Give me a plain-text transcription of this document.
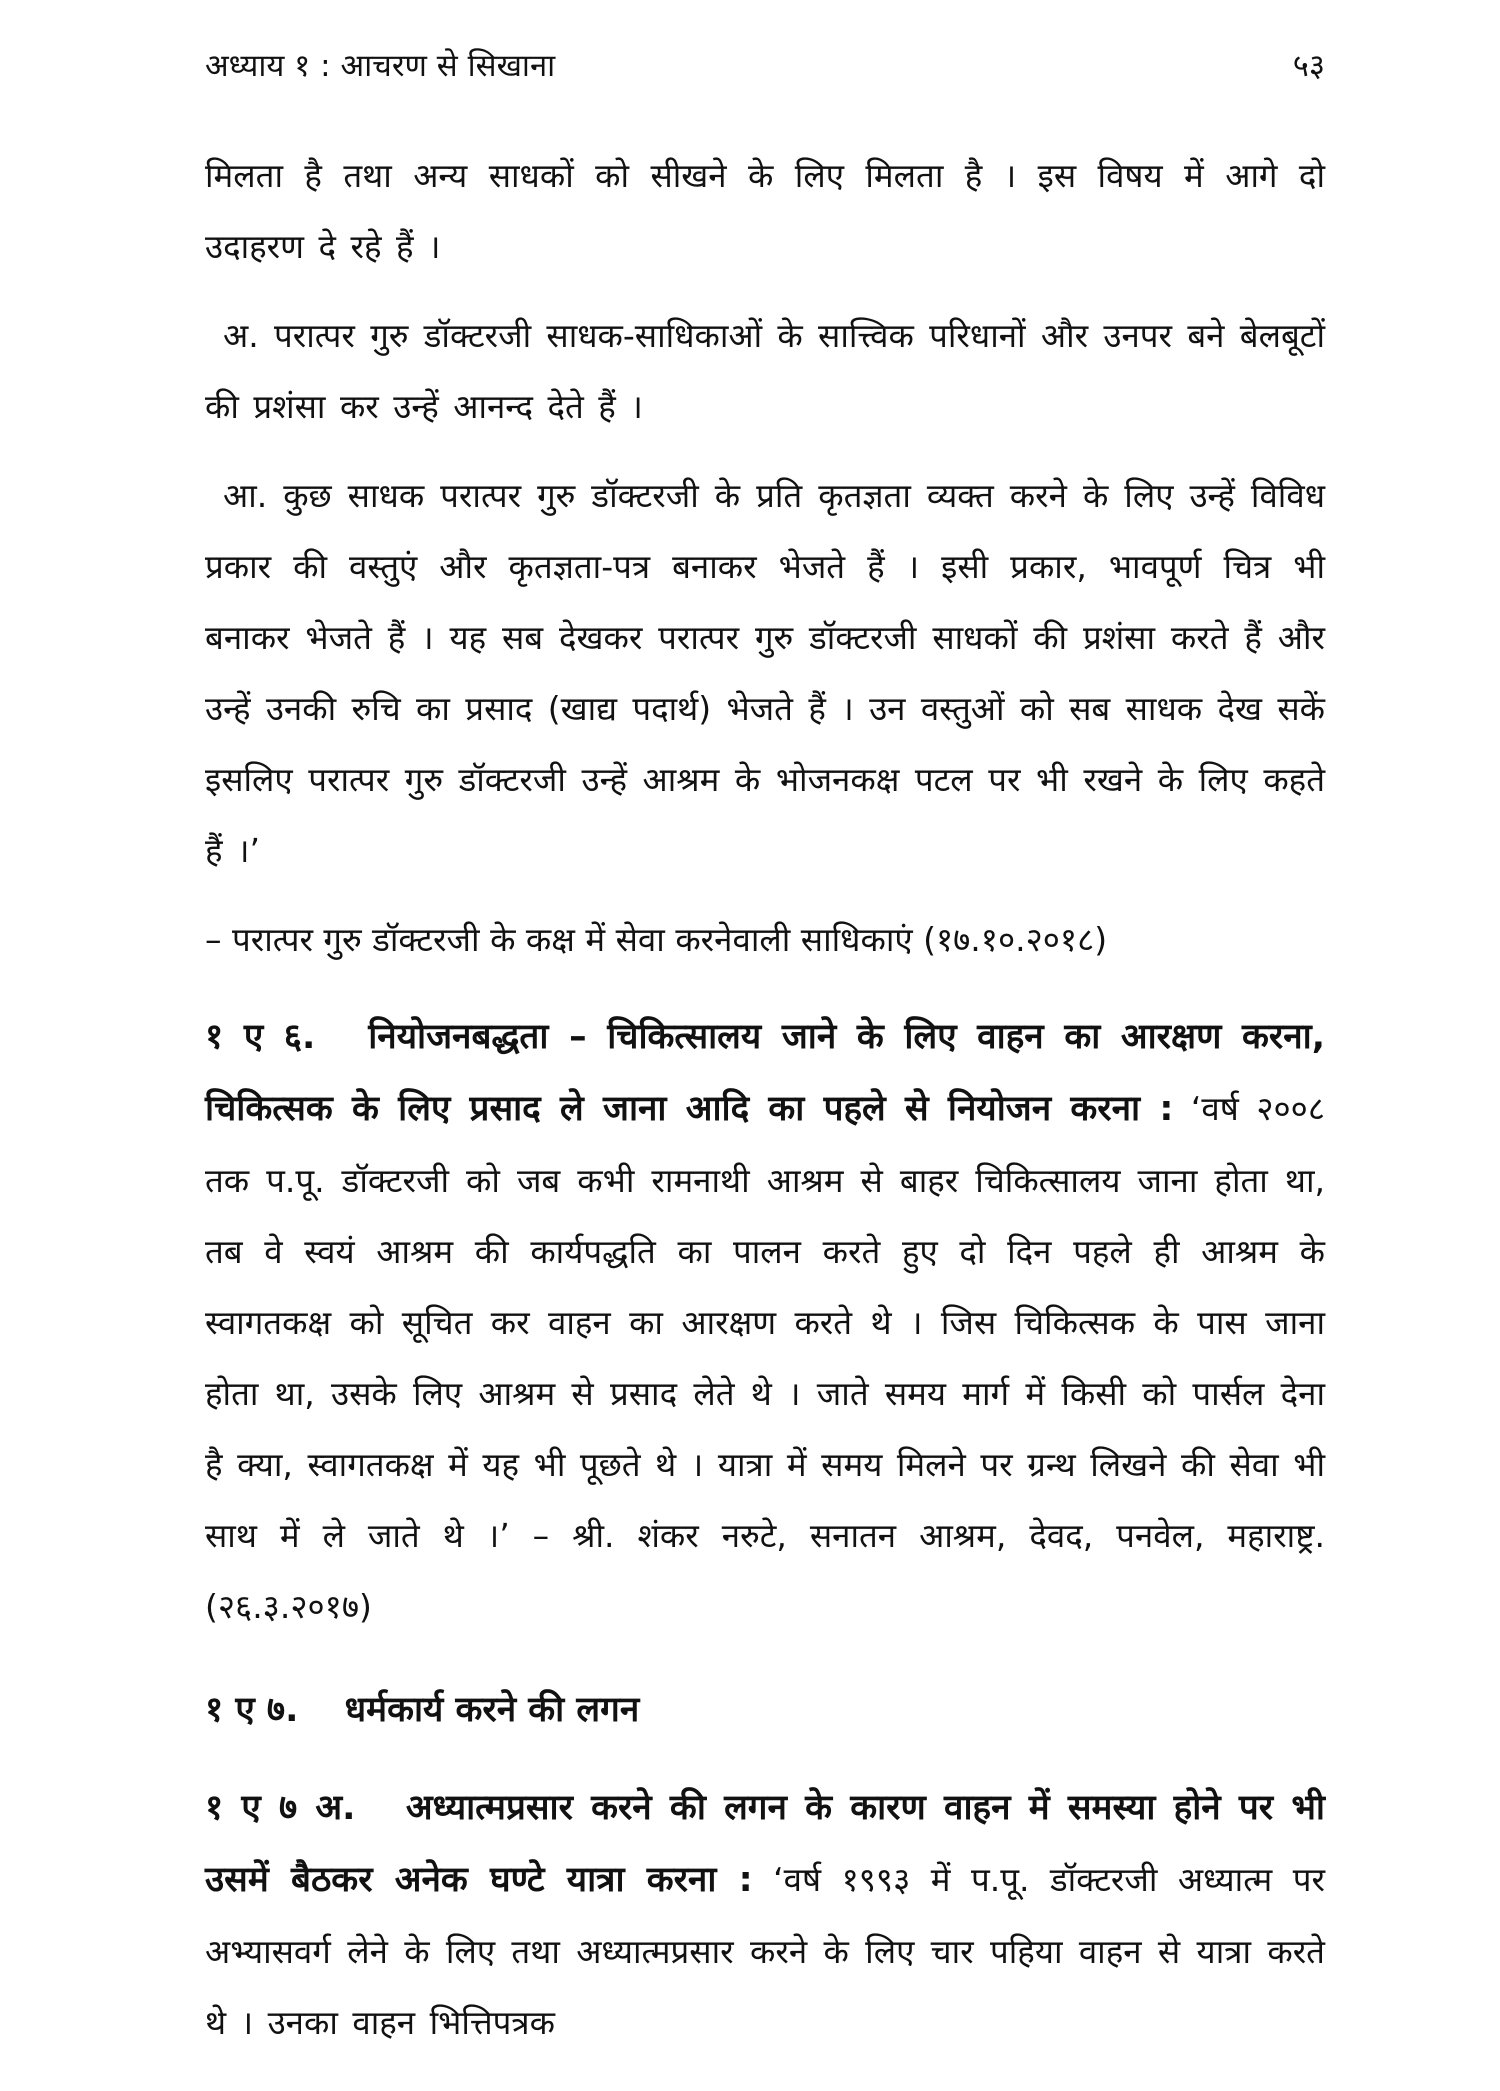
अध्याय १ : आचरण से सिखाना	५३

मिलता है तथा अन्य साधकों को सीखने के लिए मिलता है । इस विषय में आगे दो उदाहरण दे रहे हैं ।

अ. परात्पर गुरु डॉक्टरजी साधक-साधिकाओं के सात्त्विक परिधानों और उनपर बने बेलबूटों की प्रशंसा कर उन्हें आनन्द देते हैं ।

आ. कुछ साधक परात्पर गुरु डॉक्टरजी के प्रति कृतज्ञता व्यक्त करने के लिए उन्हें विविध प्रकार की वस्तुएं और कृतज्ञता-पत्र बनाकर भेजते हैं । इसी प्रकार, भावपूर्ण चित्र भी बनाकर भेजते हैं । यह सब देखकर परात्पर गुरु डॉक्टरजी साधकों की प्रशंसा करते हैं और उन्हें उनकी रुचि का प्रसाद (खाद्य पदार्थ) भेजते हैं । उन वस्तुओं को सब साधक देख सकें इसलिए परात्पर गुरु डॉक्टरजी उन्हें आश्रम के भोजनकक्ष पटल पर भी रखने के लिए कहते हैं ।’

– परात्पर गुरु डॉक्टरजी के कक्ष में सेवा करनेवाली साधिकाएं (१७.१०.२०१८)

१ ए ६. नियोजनबद्धता – चिकित्सालय जाने के लिए वाहन का आरक्षण करना, चिकित्सक के लिए प्रसाद ले जाना आदि का पहले से नियोजन करना : ‘वर्ष २००८ तक प.पू. डॉक्टरजी को जब कभी रामनाथी आश्रम से बाहर चिकित्सालय जाना होता था, तब वे स्वयं आश्रम की कार्यपद्धति का पालन करते हुए दो दिन पहले ही आश्रम के स्वागतकक्ष को सूचित कर वाहन का आरक्षण करते थे । जिस चिकित्सक के पास जाना होता था, उसके लिए आश्रम से प्रसाद लेते थे । जाते समय मार्ग में किसी को पार्सल देना है क्या, स्वागतकक्ष में यह भी पूछते थे । यात्रा में समय मिलने पर ग्रन्थ लिखने की सेवा भी साथ में ले जाते थे ।’ – श्री. शंकर नरुटे, सनातन आश्रम, देवद, पनवेल, महाराष्ट्र. (२६.३.२०१७)

१ ए ७. धर्मकार्य करने की लगन

१ ए ७ अ. अध्यात्मप्रसार करने की लगन के कारण वाहन में समस्या होने पर भी उसमें बैठकर अनेक घण्टे यात्रा करना : ‘वर्ष १९९३ में प.पू. डॉक्टरजी अध्यात्म पर अभ्यासवर्ग लेने के लिए तथा अध्यात्मप्रसार करने के लिए चार पहिया वाहन से यात्रा करते थे । उनका वाहन भित्तिपत्रक
